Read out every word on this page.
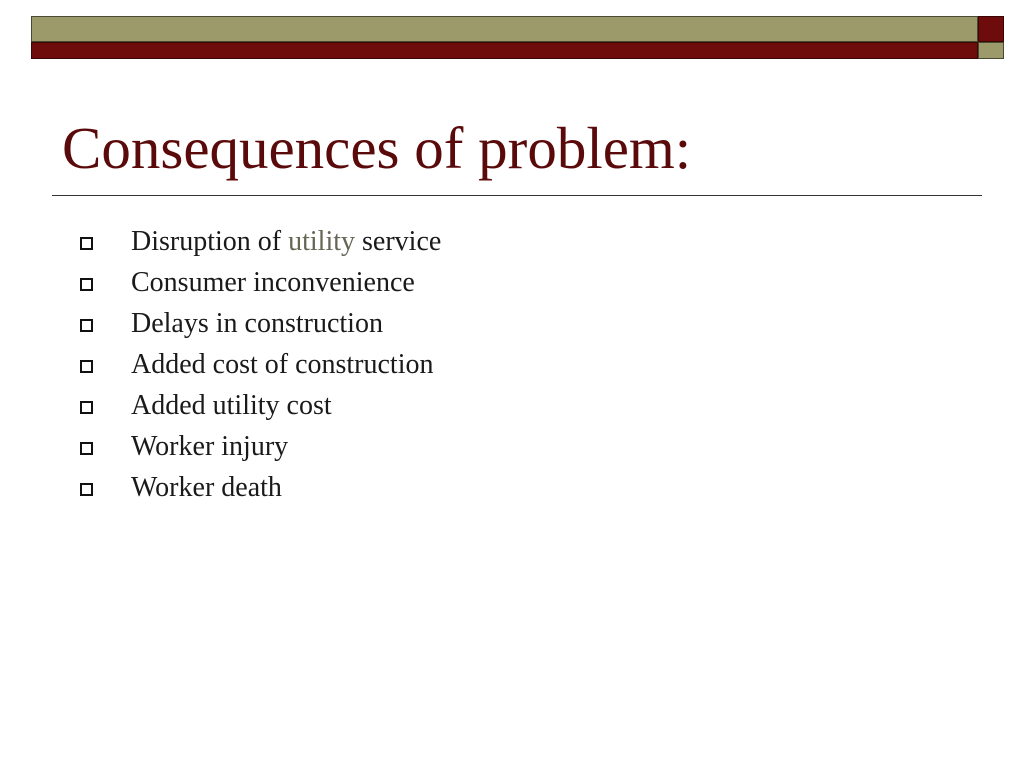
Consequences of problem:
Disruption of utility service
Consumer inconvenience
Delays in construction
Added cost of construction
Added utility cost
Worker injury
Worker death
